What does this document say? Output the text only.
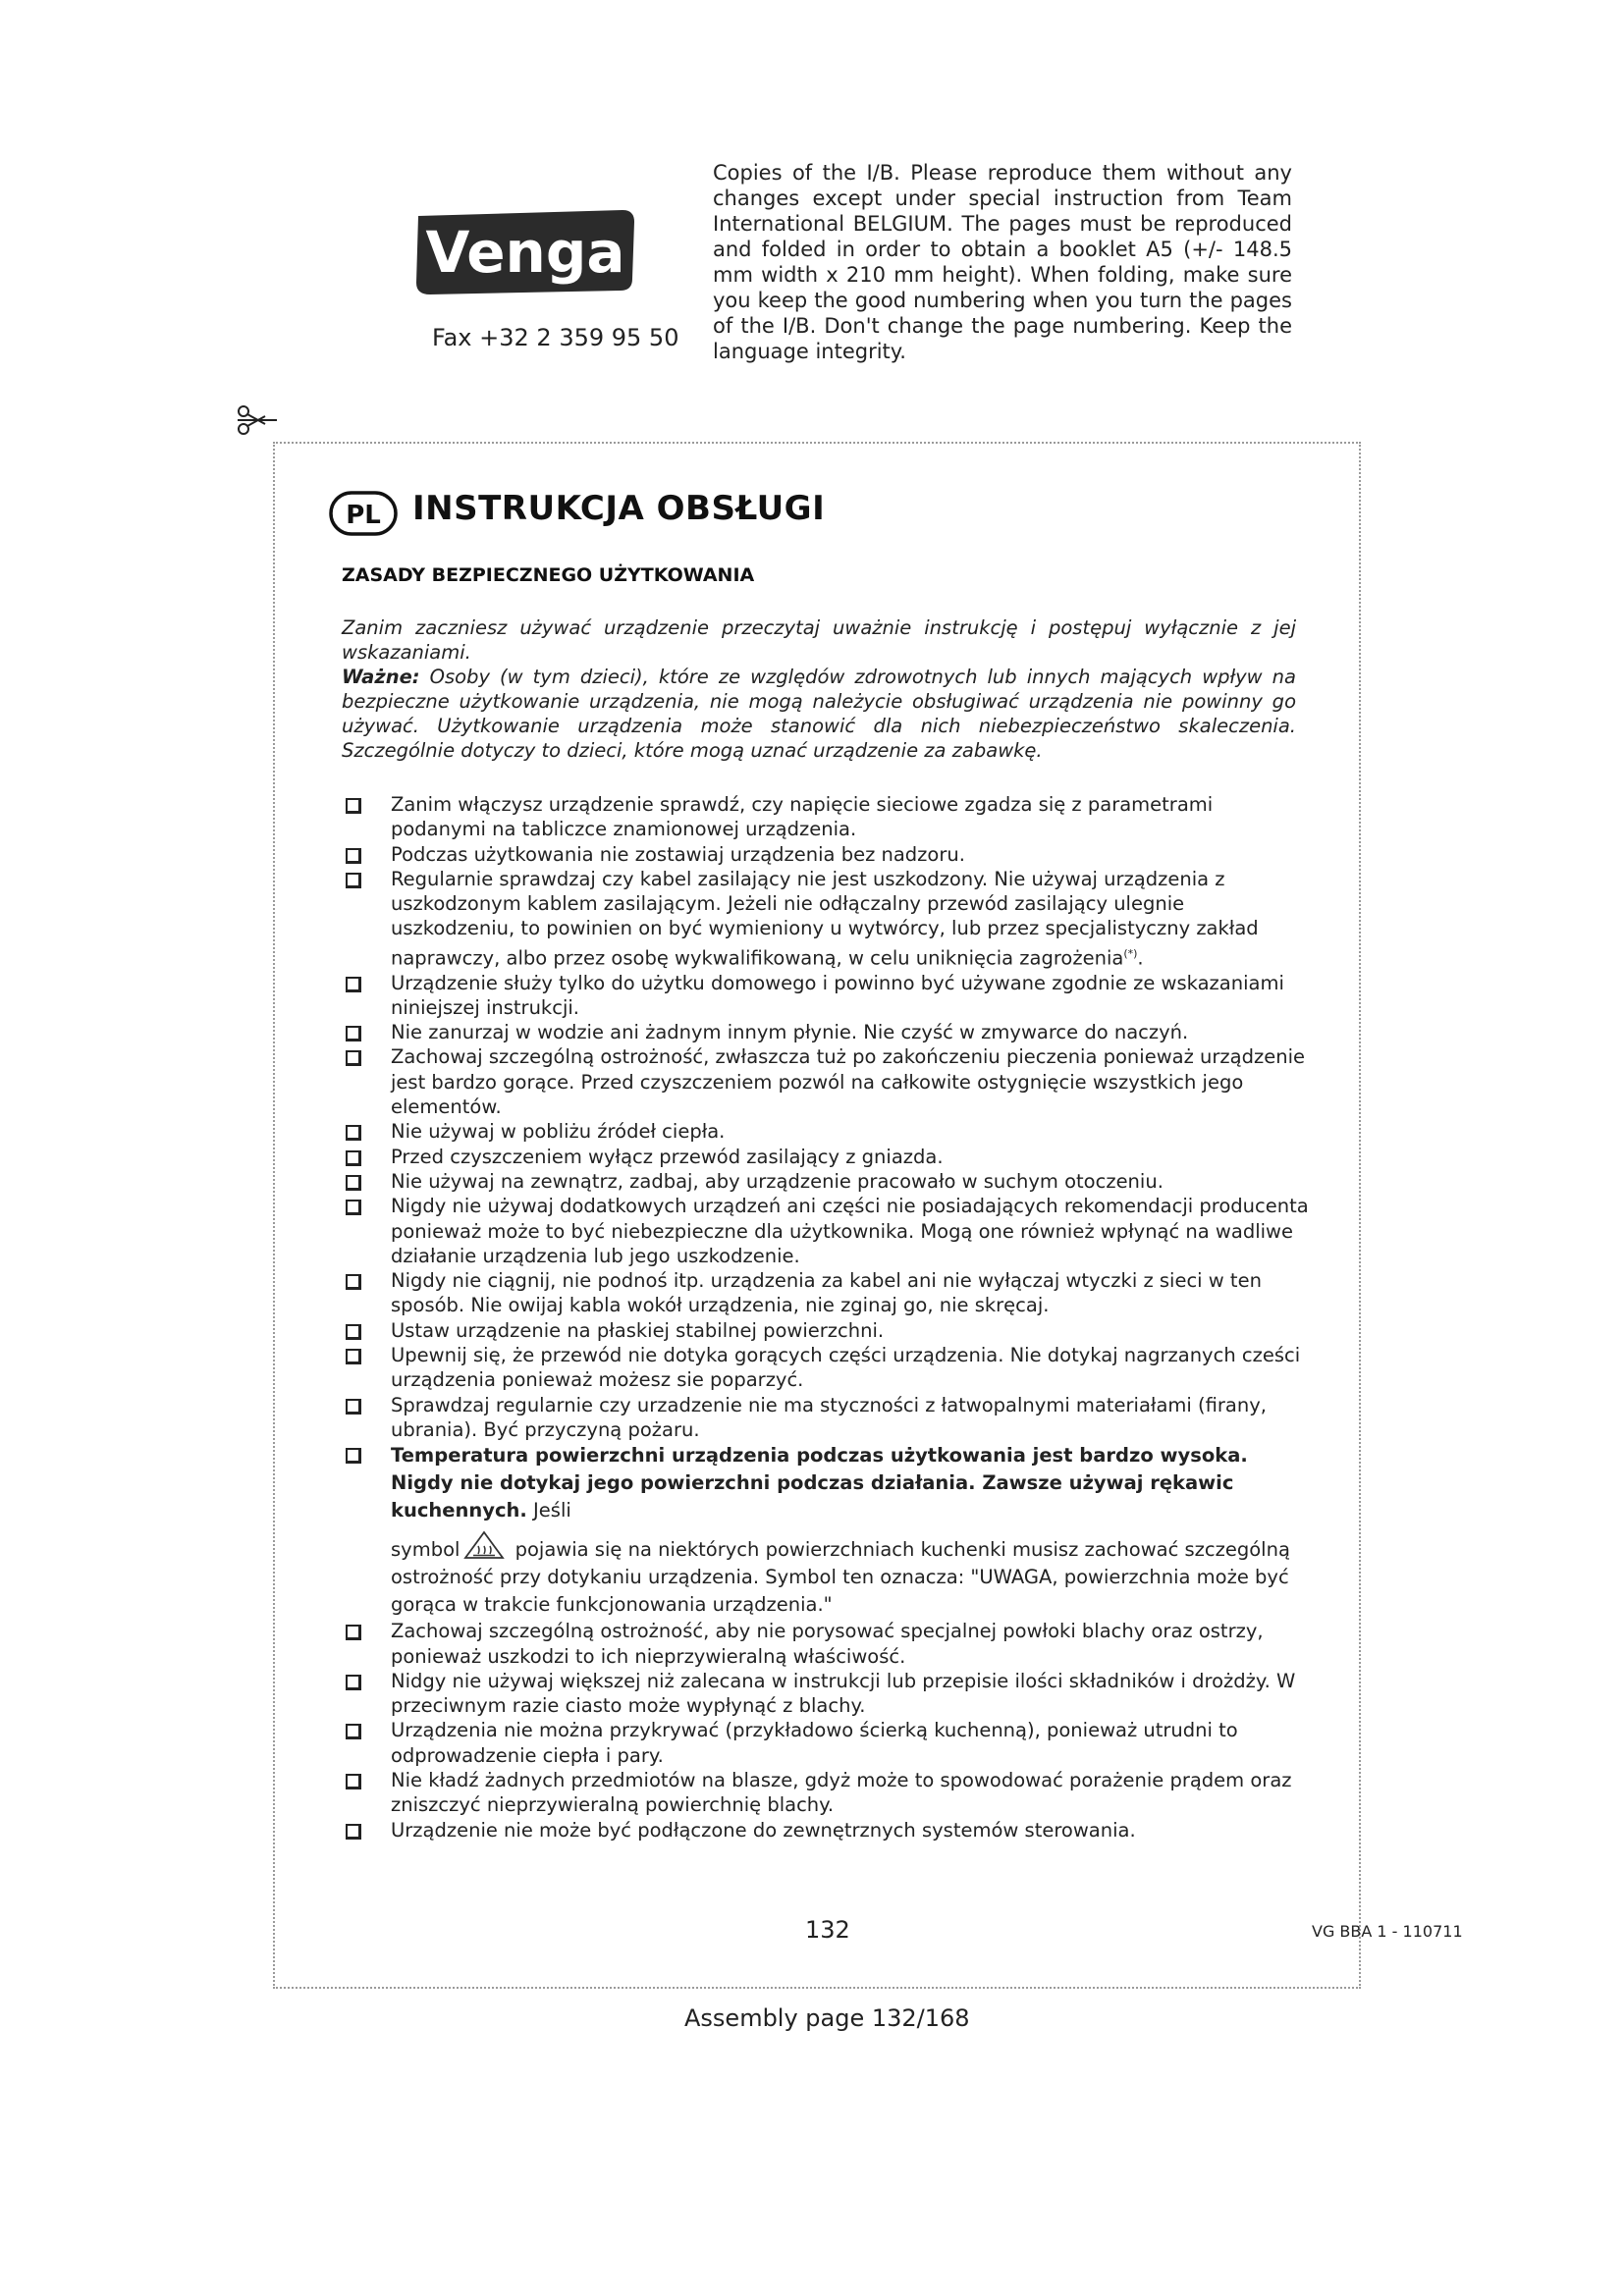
Venga
Fax +32 2 359 95 50
Copies of the I/B. Please reproduce them without any changes except under special instruction from Team International BELGIUM. The pages must be reproduced and folded in order to obtain a booklet A5 (+/- 148.5 mm width x 210 mm height). When folding, make sure you keep the good numbering when you turn the pages of the I/B. Don't change the page numbering. Keep the language integrity.
PL INSTRUKCJA OBSŁUGI
ZASADY BEZPIECZNEGO UŻYTKOWANIA

Zanim zaczniesz używać urządzenie przeczytaj uważnie instrukcję i postępuj wyłącznie z jej wskazaniami.

Ważne: Osoby (w tym dzieci), które ze względów zdrowotnych lub innych mających wpływ na bezpieczne użytkowanie urządzenia, nie mogą należycie obsługiwać urządzenia nie powinny go używać. Użytkowanie urządzenia może stanowić dla nich niebezpieczeństwo skaleczenia. Szczególnie dotyczy to dzieci, które mogą uznać urządzenie za zabawkę.

Zanim włączysz urządzenie sprawdź, czy napięcie sieciowe zgadza się z parametrami podanymi na tabliczce znamionowej urządzenia.
Podczas użytkowania nie zostawiaj urządzenia bez nadzoru.
Regularnie sprawdzaj czy kabel zasilający nie jest uszkodzony. Nie używaj urządzenia z uszkodzonym kablem zasilającym. Jeżeli nie odłączalny przewód zasilający ulegnie uszkodzeniu, to powinien on być wymieniony u wytwórcy, lub przez specjalistyczny zakład naprawczy, albo przez osobę wykwalifikowaną, w celu uniknięcia zagrożenia(*).
Urządzenie służy tylko do użytku domowego i powinno być używane zgodnie ze wskazaniami niniejszej instrukcji.
Nie zanurzaj w wodzie ani żadnym innym płynie. Nie czyść w zmywarce do naczyń.
Zachowaj szczególną ostrożność, zwłaszcza tuż po zakończeniu pieczenia ponieważ urządzenie jest bardzo gorące. Przed czyszczeniem pozwól na całkowite ostygnięcie wszystkich jego elementów.
Nie używaj w pobliżu źródeł ciepła.
Przed czyszczeniem wyłącz przewód zasilający z gniazda.
Nie używaj na zewnątrz, zadbaj, aby urządzenie pracowało w suchym otoczeniu.
Nigdy nie używaj dodatkowych urządzeń ani części nie posiadających rekomendacji producenta ponieważ może to być niebezpieczne dla użytkownika. Mogą one również wpłynąć na wadliwe działanie urządzenia lub jego uszkodzenie.
Nigdy nie ciągnij, nie podnoś itp. urządzenia za kabel ani nie wyłączaj wtyczki z sieci w ten sposób. Nie owijaj kabla wokół urządzenia, nie zginaj go, nie skręcaj.
Ustaw urządzenie na płaskiej stabilnej powierzchni.
Upewnij się, że przewód nie dotyka gorących części urządzenia. Nie dotykaj nagrzanych cześci urządzenia ponieważ możesz sie poparzyć.
Sprawdzaj regularnie czy urzadzenie nie ma styczności z łatwopalnymi materiałami (firany, ubrania). Być przyczyną pożaru.
Temperatura powierzchni urządzenia podczas użytkowania jest bardzo wysoka. Nigdy nie dotykaj jego powierzchni podczas działania. Zawsze używaj rękawic kuchennych. Jeśli
symbol	pojawia się na niektórych powierzchniach kuchenki musisz zachować szczególną ostrożność przy dotykaniu urządzenia. Symbol ten oznacza: "UWAGA, powierzchnia może być gorąca w trakcie funkcjonowania urządzenia."
Zachowaj szczególną ostrożność, aby nie porysować specjalnej powłoki blachy oraz ostrzy, ponieważ uszkodzi to ich nieprzywieralną właściwość.
Nidgy nie używaj większej niż zalecana w instrukcji lub przepisie ilości składników i drożdży. W przeciwnym razie ciasto może wypłynąć z blachy.
Urządzenia nie można przykrywać (przykładowo ścierką kuchenną), ponieważ utrudni to odprowadzenie ciepła i pary.
Nie kładź żadnych przedmiotów na blasze, gdyż może to spowodować porażenie prądem oraz zniszczyć nieprzywieralną powierchnię blachy.
Urządzenie nie może być podłączone do zewnętrznych systemów sterowania.
132	VG BBA 1 - 110711
Assembly page 132/168
